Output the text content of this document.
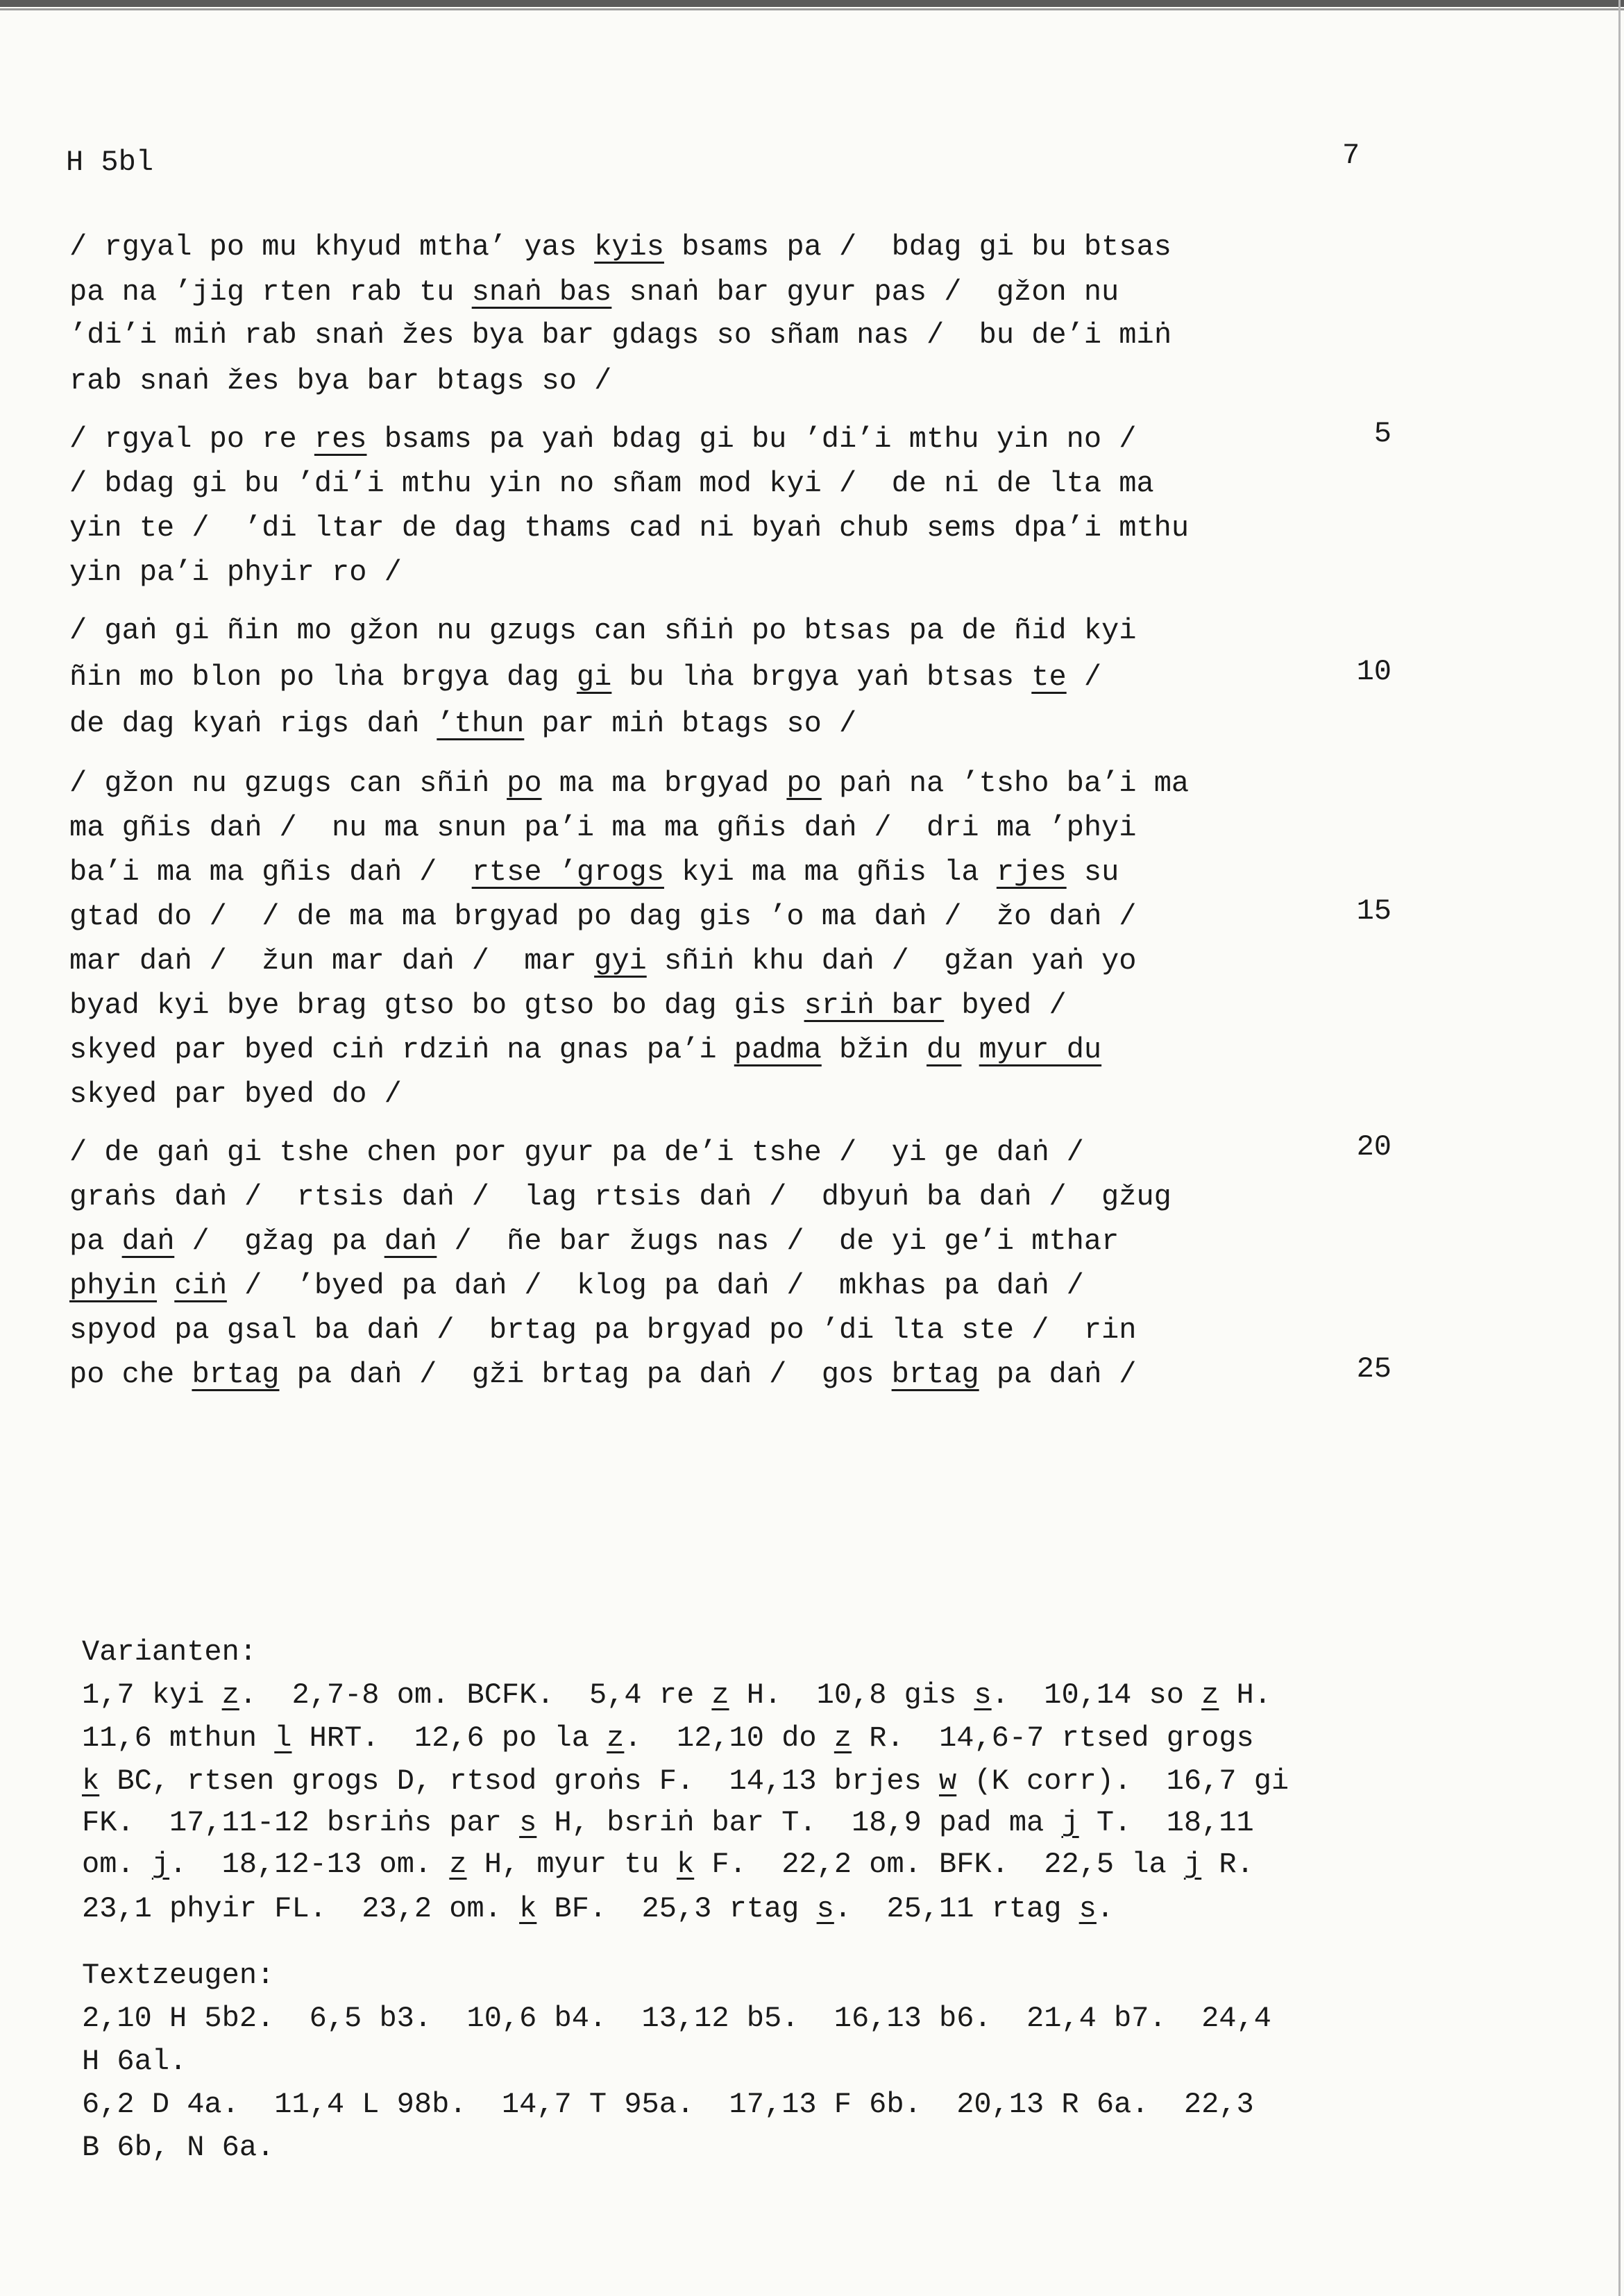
H 5bl	7
/ rgyal po mu khyud mtha’ yas kyis bsams pa /  bdag gi bu btsas
pa na ’jig rten rab tu snaṅ bas snaṅ bar gyur pas /  gžon nu
’di’i miṅ rab snaṅ žes bya bar gdags so sñam nas /  bu de’i miṅ
rab snaṅ žes bya bar btags so /
/ rgyal po re res bsams pa yaṅ bdag gi bu ’di’i mthu yin no /
/ bdag gi bu ’di’i mthu yin no sñam mod kyi /  de ni de lta ma
yin te /  ’di ltar de dag thams cad ni byaṅ chub sems dpa’i mthu
yin pa’i phyir ro /
/ gaṅ gi ñin mo gžon nu gzugs can sñiṅ po btsas pa de ñid kyi
ñin mo blon po lṅa brgya dag gi bu lṅa brgya yaṅ btsas te /
de dag kyaṅ rigs daṅ ’thun par miṅ btags so /
/ gžon nu gzugs can sñiṅ po ma ma brgyad po paṅ na ’tsho ba’i ma
ma gñis daṅ /  nu ma snun pa’i ma ma gñis daṅ /  dri ma ’phyi
ba’i ma ma gñis daṅ /  rtse ’grogs kyi ma ma gñis la rjes su
gtad do /  / de ma ma brgyad po dag gis ’o ma daṅ /  žo daṅ /
mar daṅ /  žun mar daṅ /  mar gyi sñiṅ khu daṅ /  gžan yaṅ yo
byad kyi bye brag gtso bo gtso bo dag gis sriṅ bar byed /
skyed par byed ciṅ rdziṅ na gnas pa’i padma bžin du myur du
skyed par byed do /
/ de gaṅ gi tshe chen por gyur pa de’i tshe /  yi ge daṅ /
graṅs daṅ /  rtsis daṅ /  lag rtsis daṅ /  dbyuṅ ba daṅ /  gžug
pa daṅ /  gžag pa daṅ /  ñe bar žugs nas /  de yi ge’i mthar
phyin ciṅ /  ’byed pa daṅ /  klog pa daṅ /  mkhas pa daṅ /
spyod pa gsal ba daṅ /  brtag pa brgyad po ’di lta ste /  rin
po che brtag pa daṅ /  gži brtag pa daṅ /  gos brtag pa daṅ /
5
10
15
20
25
Varianten:
1,7 kyi z.  2,7-8 om. BCFK.  5,4 re z H.  10,8 gis s.  10,14 so z H.
11,6 mthun l HRT.  12,6 po la z.  12,10 do z R.  14,6-7 rtsed grogs
k BC, rtsen grogs D, rtsod groṅs F.  14,13 brjes w (K corr).  16,7 gi
FK.  17,11-12 bsriṅs par s H, bsriṅ bar T.  18,9 pad ma j T.  18,11
om. j.  18,12-13 om. z H, myur tu k F.  22,2 om. BFK.  22,5 la j R.
23,1 phyir FL.  23,2 om. k BF.  25,3 rtag s.  25,11 rtag s.
Textzeugen:
2,10 H 5b2.  6,5 b3.  10,6 b4.  13,12 b5.  16,13 b6.  21,4 b7.  24,4
H 6al.
6,2 D 4a.  11,4 L 98b.  14,7 T 95a.  17,13 F 6b.  20,13 R 6a.  22,3
B 6b, N 6a.
